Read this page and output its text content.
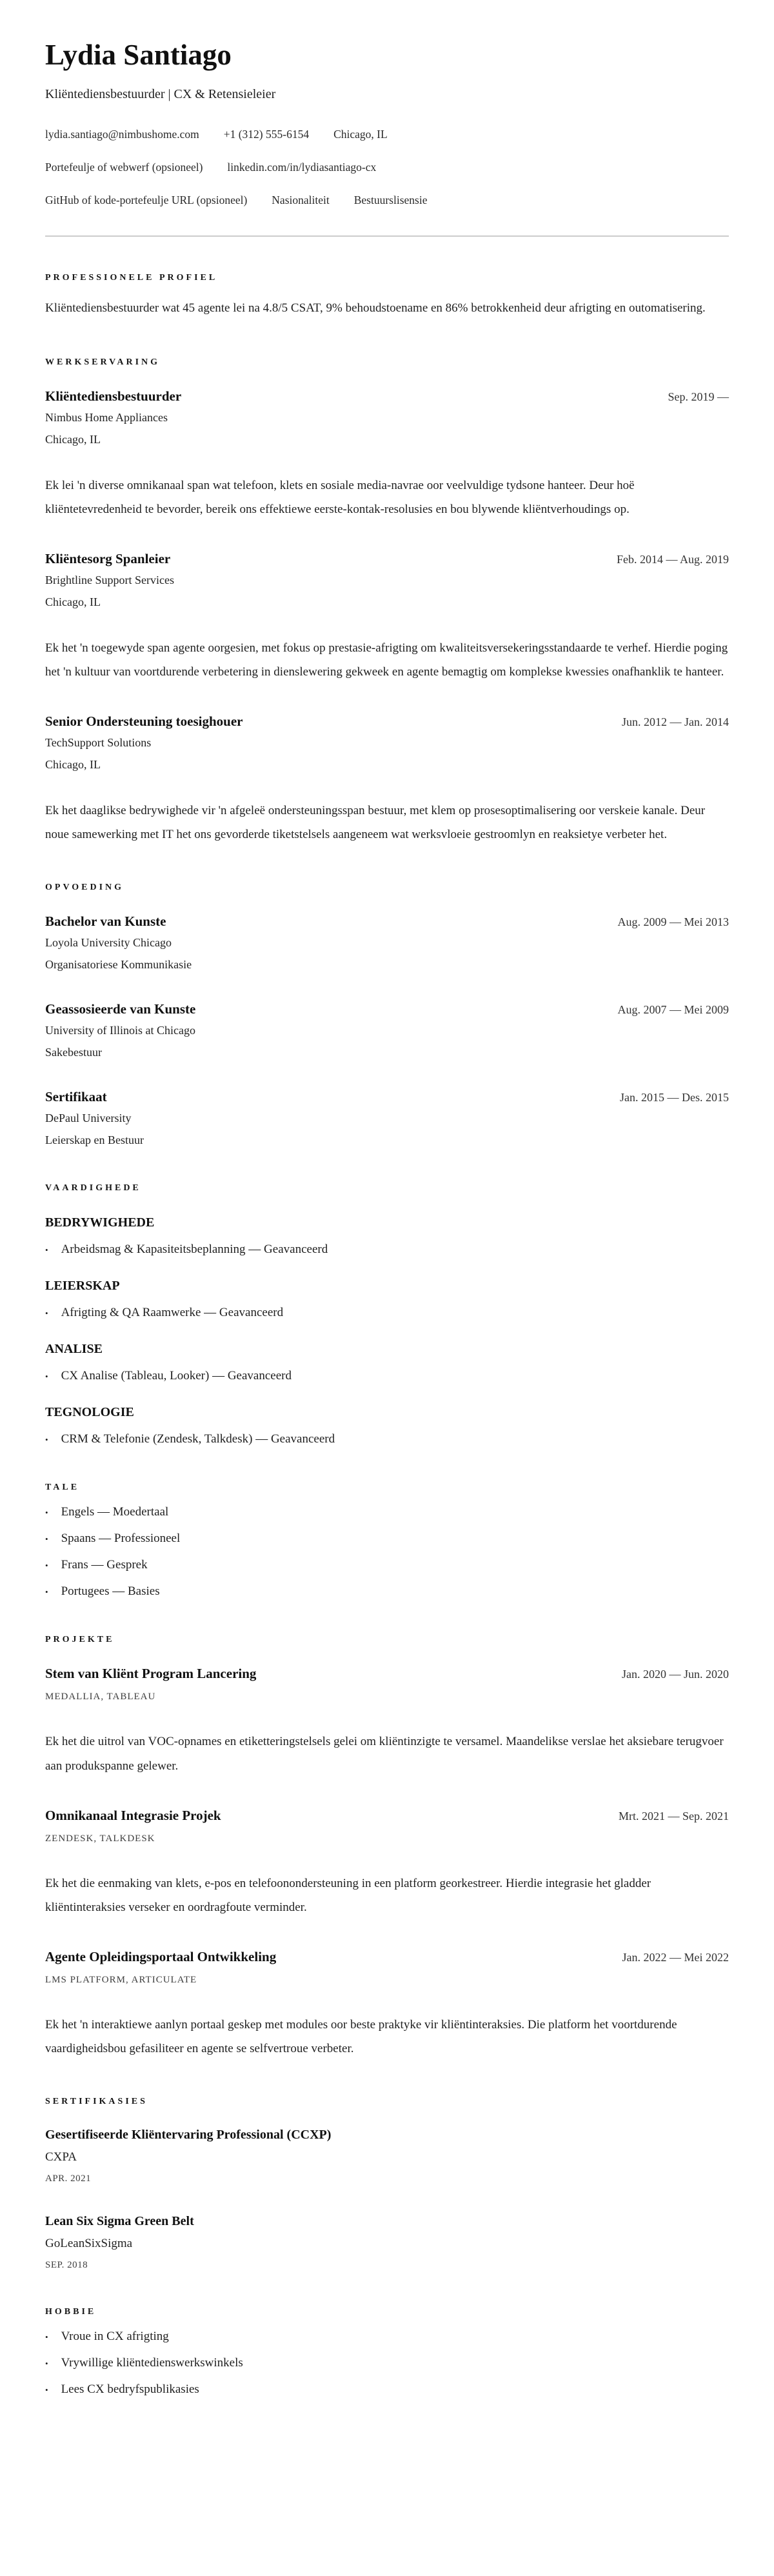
Lydia Santiago
Kliëntediensbestuurder | CX & Retensieleier
lydia.santiago@nimbushome.com +1 (312) 555-6154 Chicago, IL
Portefeulje of webwerf (opsioneel) linkedin.com/in/lydiasantiago-cx
GitHub of kode-portefeulje URL (opsioneel) Nasionaliteit Bestuurslisensie
PROFESSIONELE PROFIEL
Kliëntediensbestuurder wat 45 agente lei na 4.8/5 CSAT, 9% behoudstoename en 86% betrokkenheid deur afrigting en outomatisering.
WERKSERVARING
Kliëntediensbestuurder	Sep. 2019 —
Nimbus Home Appliances
Chicago, IL
Ek lei 'n diverse omnikanaal span wat telefoon, klets en sosiale media-navrae oor veelvuldige tydsone hanteer. Deur hoë kliëntetevredenheid te bevorder, bereik ons effektiewe eerste-kontak-resolusies en bou blywende kliëntverhoudings op.
Kliëntesorg Spanleier	Feb. 2014 — Aug. 2019
Brightline Support Services
Chicago, IL
Ek het 'n toegewyde span agente oorgesien, met fokus op prestasie-afrigting om kwaliteitsversekeringsstandaarde te verhef. Hierdie poging het 'n kultuur van voortdurende verbetering in dienslewering gekweek en agente bemagtig om komplekse kwessies onafhanklik te hanteer.
Senior Ondersteuning toesighouer	Jun. 2012 — Jan. 2014
TechSupport Solutions
Chicago, IL
Ek het daaglikse bedrywighede vir 'n afgeleë ondersteuningsspan bestuur, met klem op prosesoptimalisering oor verskeie kanale. Deur noue samewerking met IT het ons gevorderde tiketstelsels aangeneem wat werksvloeie gestroomlyn en reaksietye verbeter het.
OPVOEDING
Bachelor van Kunste	Aug. 2009 — Mei 2013
Loyola University Chicago
Organisatoriese Kommunikasie
Geassosieerde van Kunste	Aug. 2007 — Mei 2009
University of Illinois at Chicago
Sakebestuur
Sertifikaat	Jan. 2015 — Des. 2015
DePaul University
Leierskap en Bestuur
VAARDIGHEDE
BEDRYWIGHEDE
• Arbeidsmag & Kapasiteitsbeplanning — Geavanceerd
LEIERSKAP
• Afrigting & QA Raamwerke — Geavanceerd
ANALISE
• CX Analise (Tableau, Looker) — Geavanceerd
TEGNOLOGIE
• CRM & Telefonie (Zendesk, Talkdesk) — Geavanceerd
TALE
• Engels — Moedertaal
• Spaans — Professioneel
• Frans — Gesprek
• Portugees — Basies
PROJEKTE
Stem van Kliënt Program Lancering	Jan. 2020 — Jun. 2020
MEDALLIA, TABLEAU
Ek het die uitrol van VOC-opnames en etiketteringstelsels gelei om kliëntinzigte te versamel. Maandelikse verslae het aksiebare terugvoer aan produkspanne gelewer.
Omnikanaal Integrasie Projek	Mrt. 2021 — Sep. 2021
ZENDESK, TALKDESK
Ek het die eenmaking van klets, e-pos en telefoonondersteuning in een platform georkestreer. Hierdie integrasie het gladder kliëntinteraksies verseker en oordragfoute verminder.
Agente Opleidingsportaal Ontwikkeling	Jan. 2022 — Mei 2022
LMS PLATFORM, ARTICULATE
Ek het 'n interaktiewe aanlyn portaal geskep met modules oor beste praktyke vir kliëntinteraksies. Die platform het voortdurende vaardigheidsbou gefasiliteer en agente se selfvertroue verbeter.
SERTIFIKASIES
Gesertifiseerde Kliëntervaring Professional (CCXP)
CXPA
APR. 2021
Lean Six Sigma Green Belt
GoLeanSixSigma
SEP. 2018
HOBBIE
• Vroue in CX afrigting
• Vrywillige kliëntedienswerkswinkels
• Lees CX bedryfspublikasies
